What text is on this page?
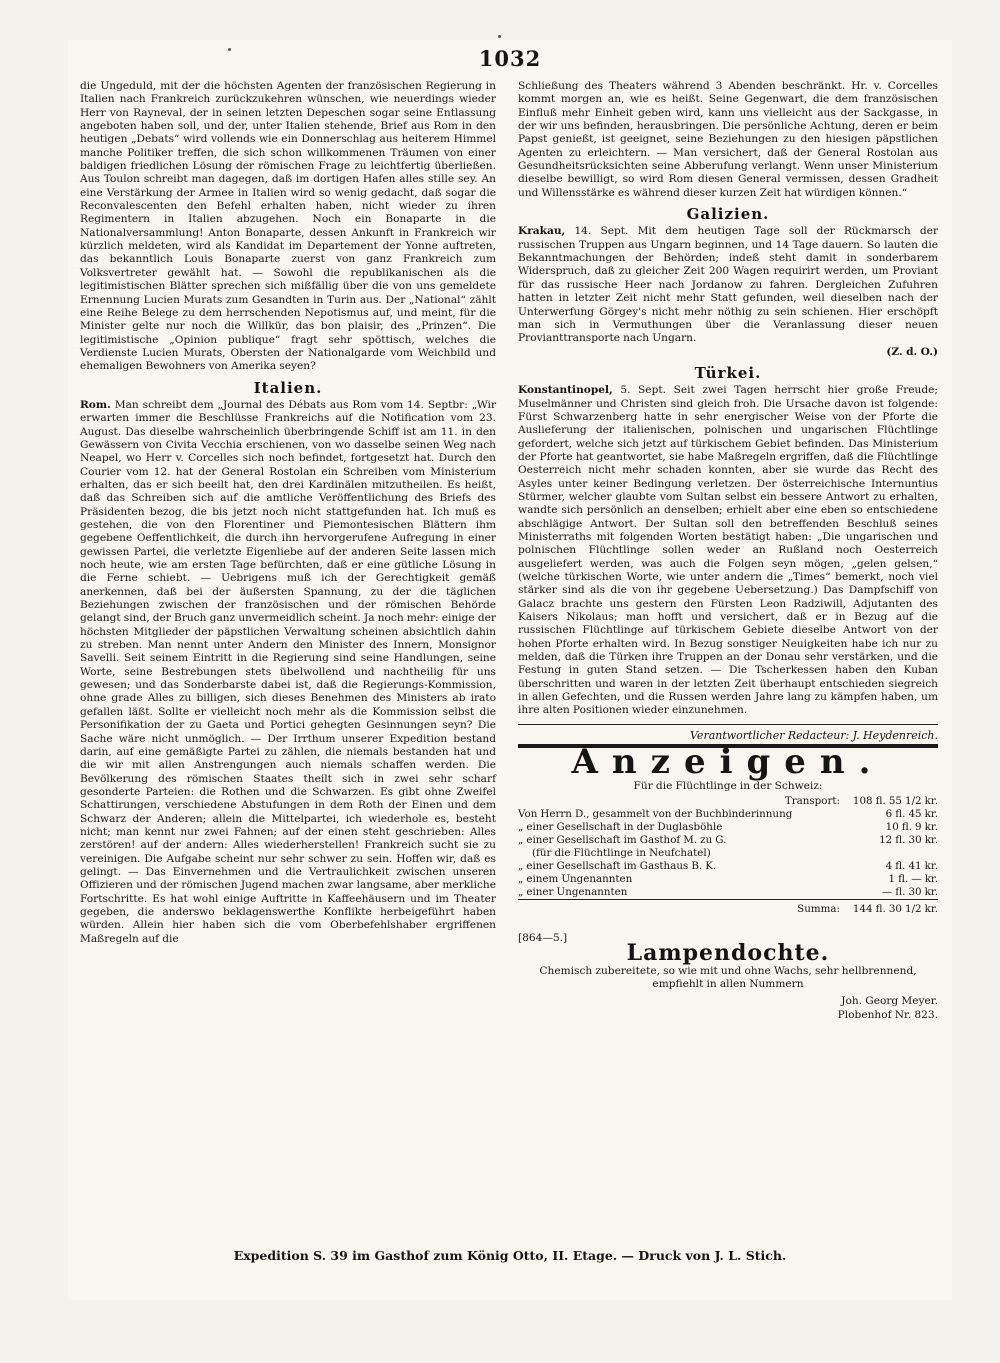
1032

die Ungeduld, mit der die höchsten Agenten der französischen Regierung in Italien nach Frankreich zurückzukehren wünschen, wie neuerdings wieder Herr von Rayneval, der in seinen letzten Depeschen sogar seine Entlassung angeboten haben soll, und der, unter Italien stehende, Brief aus Rom in den heutigen „Debats“ wird vollends wie ein Donnerschlag aus heiterem Himmel manche Politiker treffen, die sich schon willkommenen Träumen von einer baldigen friedlichen Lösung der römischen Frage zu leichtfertig überließen. Aus Toulon schreibt man dagegen, daß im dortigen Hafen alles stille sey. An eine Verstärkung der Armee in Italien wird so wenig gedacht, daß sogar die Reconvalescenten den Befehl erhalten haben, nicht wieder zu ihren Regimentern in Italien abzugehen. Noch ein Bonaparte in die Nationalversammlung! Anton Bonaparte, dessen Ankunft in Frankreich wir kürzlich meldeten, wird als Kandidat im Departement der Yonne auftreten, das bekanntlich Louis Bonaparte zuerst von ganz Frankreich zum Volksvertreter gewählt hat. — Sowohl die republikanischen als die legitimistischen Blätter sprechen sich mißfällig über die von uns gemeldete Ernennung Lucien Murats zum Gesandten in Turin aus. Der „National“ zählt eine Reihe Belege zu dem herrschenden Nepotismus auf, und meint, für die Minister gelte nur noch die Willkür, das bon plaisir, des „Prinzen“. Die legitimistische „Opinion publique“ fragt sehr spöttisch, welches die Verdienste Lucien Murats, Obersten der Nationalgarde vom Weichbild und ehemaligen Bewohners von Amerika seyen?

Italien.

Rom. Man schreibt dem „Journal des Débats aus Rom vom 14. Septbr: „Wir erwarten immer die Beschlüsse Frankreichs auf die Notification vom 23. August. Das dieselbe wahrscheinlich überbringende Schiff ist am 11. in den Gewässern von Civita Vecchia erschienen, von wo dasselbe seinen Weg nach Neapel, wo Herr v. Corcelles sich noch befindet, fortgesetzt hat. Durch den Courier vom 12. hat der General Rostolan ein Schreiben vom Ministerium erhalten, das er sich beeilt hat, den drei Kardinälen mitzutheilen. Es heißt, daß das Schreiben sich auf die amtliche Veröffentlichung des Briefs des Präsidenten bezog, die bis jetzt noch nicht stattgefunden hat. Ich muß es gestehen, die von den Florentiner und Piemontesischen Blättern ihm gegebene Oeffentlichkeit, die durch ihn hervorgerufene Aufregung in einer gewissen Partei, die verletzte Eigenliebe auf der anderen Seite lassen mich noch heute, wie am ersten Tage befürchten, daß er eine gütliche Lösung in die Ferne schiebt. — Uebrigens muß ich der Gerechtigkeit gemäß anerkennen, daß bei der äußersten Spannung, zu der die täglichen Beziehungen zwischen der französischen und der römischen Behörde gelangt sind, der Bruch ganz unvermeidlich scheint. Ja noch mehr: einige der höchsten Mitglieder der päpstlichen Verwaltung scheinen absichtlich dahin zu streben. Man nennt unter Andern den Minister des Innern, Monsignor Savelli. Seit seinem Eintritt in die Regierung sind seine Handlungen, seine Worte, seine Bestrebungen stets übelwollend und nachtheilig für uns gewesen; und das Sonderbarste dabei ist, daß die Regierungs-Kommission, ohne grade Alles zu billigen, sich dieses Benehmen des Ministers ab irato gefallen läßt. Sollte er vielleicht noch mehr als die Kommission selbst die Personifikation der zu Gaeta und Portici gehegten Gesinnungen seyn? Die Sache wäre nicht unmöglich. — Der Irrthum unserer Expedition bestand darin, auf eine gemäßigte Partei zu zählen, die niemals bestanden hat und die wir mit allen Anstrengungen auch niemals schaffen werden. Die Bevölkerung des römischen Staates theilt sich in zwei sehr scharf gesonderte Parteien: die Rothen und die Schwarzen. Es gibt ohne Zweifel Schattirungen, verschiedene Abstufungen in dem Roth der Einen und dem Schwarz der Anderen; allein die Mittelpartei, ich wiederhole es, besteht nicht; man kennt nur zwei Fahnen; auf der einen steht geschrieben: Alles zerstören! auf der andern: Alles wiederherstellen! Frankreich sucht sie zu vereinigen. Die Aufgabe scheint nur sehr schwer zu sein. Hoffen wir, daß es gelingt. — Das Einvernehmen und die Vertraulichkeit zwischen unseren Offizieren und der römischen Jugend machen zwar langsame, aber merkliche Fortschritte. Es hat wohl einige Auftritte in Kaffeehäusern und im Theater gegeben, die anderswo beklagenswerthe Konflikte herbeigeführt haben würden. Allein hier haben sich die vom Oberbefehlshaber ergriffenen Maßregeln auf die

Schließung des Theaters während 3 Abenden beschränkt. Hr. v. Corcelles kommt morgen an, wie es heißt. Seine Gegenwart, die dem französischen Einfluß mehr Einheit geben wird, kann uns vielleicht aus der Sackgasse, in der wir uns befinden, herausbringen. Die persönliche Achtung, deren er beim Papst genießt, ist geeignet, seine Beziehungen zu den hiesigen päpstlichen Agenten zu erleichtern. — Man versichert, daß der General Rostolan aus Gesundheitsrücksichten seine Abberufung verlangt. Wenn unser Ministerium dieselbe bewilligt, so wird Rom diesen General vermissen, dessen Gradheit und Willensstärke es während dieser kurzen Zeit hat würdigen können.“

Galizien.

Krakau, 14. Sept. Mit dem heutigen Tage soll der Rückmarsch der russischen Truppen aus Ungarn beginnen, und 14 Tage dauern. So lauten die Bekanntmachungen der Behörden; indeß steht damit in sonderbarem Widerspruch, daß zu gleicher Zeit 200 Wagen requirirt werden, um Proviant für das russische Heer nach Jordanow zu fahren. Dergleichen Zufuhren hatten in letzter Zeit nicht mehr Statt gefunden, weil dieselben nach der Unterwerfung Görgey's nicht mehr nöthig zu sein schienen. Hier erschöpft man sich in Vermuthungen über die Veranlassung dieser neuen Provianttransporte nach Ungarn.

(Z. d. O.)
Türkei.

Konstantinopel, 5. Sept. Seit zwei Tagen herrscht hier große Freude; Muselmänner und Christen sind gleich froh. Die Ursache davon ist folgende: Fürst Schwarzenberg hatte in sehr energischer Weise von der Pforte die Auslieferung der italienischen, polnischen und ungarischen Flüchtlinge gefordert, welche sich jetzt auf türkischem Gebiet befinden. Das Ministerium der Pforte hat geantwortet, sie habe Maßregeln ergriffen, daß die Flüchtlinge Oesterreich nicht mehr schaden konnten, aber sie wurde das Recht des Asyles unter keiner Bedingung verletzen. Der österreichische Internuntius Stürmer, welcher glaubte vom Sultan selbst ein bessere Antwort zu erhalten, wandte sich persönlich an denselben; erhielt aber eine eben so entschiedene abschlägige Antwort. Der Sultan soll den betreffenden Beschluß seines Ministerraths mit folgenden Worten bestätigt haben: „Die ungarischen und polnischen Flüchtlinge sollen weder an Rußland noch Oesterreich ausgeliefert werden, was auch die Folgen seyn mögen, „gelen gelsen,“ (welche türkischen Worte, wie unter andern die „Times“ bemerkt, noch viel stärker sind als die von ihr gegebene Uebersetzung.) Das Dampfschiff von Galacz brachte uns gestern den Fürsten Leon Radziwill, Adjutanten des Kaisers Nikolaus; man hofft und versichert, daß er in Bezug auf die russischen Flüchtlinge auf türkischem Gebiete dieselbe Antwort von der hohen Pforte erhalten wird. In Bezug sonstiger Neuigkeiten habe ich nur zu melden, daß die Türken ihre Truppen an der Donau sehr verstärken, und die Festung in guten Stand setzen. — Die Tscherkessen haben den Kuban überschritten und waren in der letzten Zeit überhaupt entschieden siegreich in allen Gefechten, und die Russen werden Jahre lang zu kämpfen haben, um ihre alten Positionen wieder einzunehmen.

Verantwortlicher Redacteur: J. Heydenreich.
Anzeigen.
Für die Flüchtlinge in der Schweiz:
Transport:	108 fl. 55 1/2 kr.
Von Herrn D., gesammelt von der Buchbinderinnung	6 fl. 45 kr.
„ einer Gesellschaft in der Duglasböhle	10 fl. 9 kr.
„ einer Gesellschaft im Gasthof M. zu G.	12 fl. 30 kr.
(für die Flüchtlinge in Neufchatel)	
„ einer Gesellschaft im Gasthaus B. K.	4 fl. 41 kr.
„ einem Ungenannten	1 fl. — kr.
„ einer Ungenannten	— fl. 30 kr.
Summa:	144 fl. 30 1/2 kr.
[864—5.]
Lampendochte.
Chemisch zubereitete, so wie mit und ohne Wachs, sehr hellbrennend, empfiehlt in allen Nummern
Joh. Georg Meyer.
Plobenhof Nr. 823.
Expedition S. 39 im Gasthof zum König Otto, II. Etage. — Druck von J. L. Stich.
